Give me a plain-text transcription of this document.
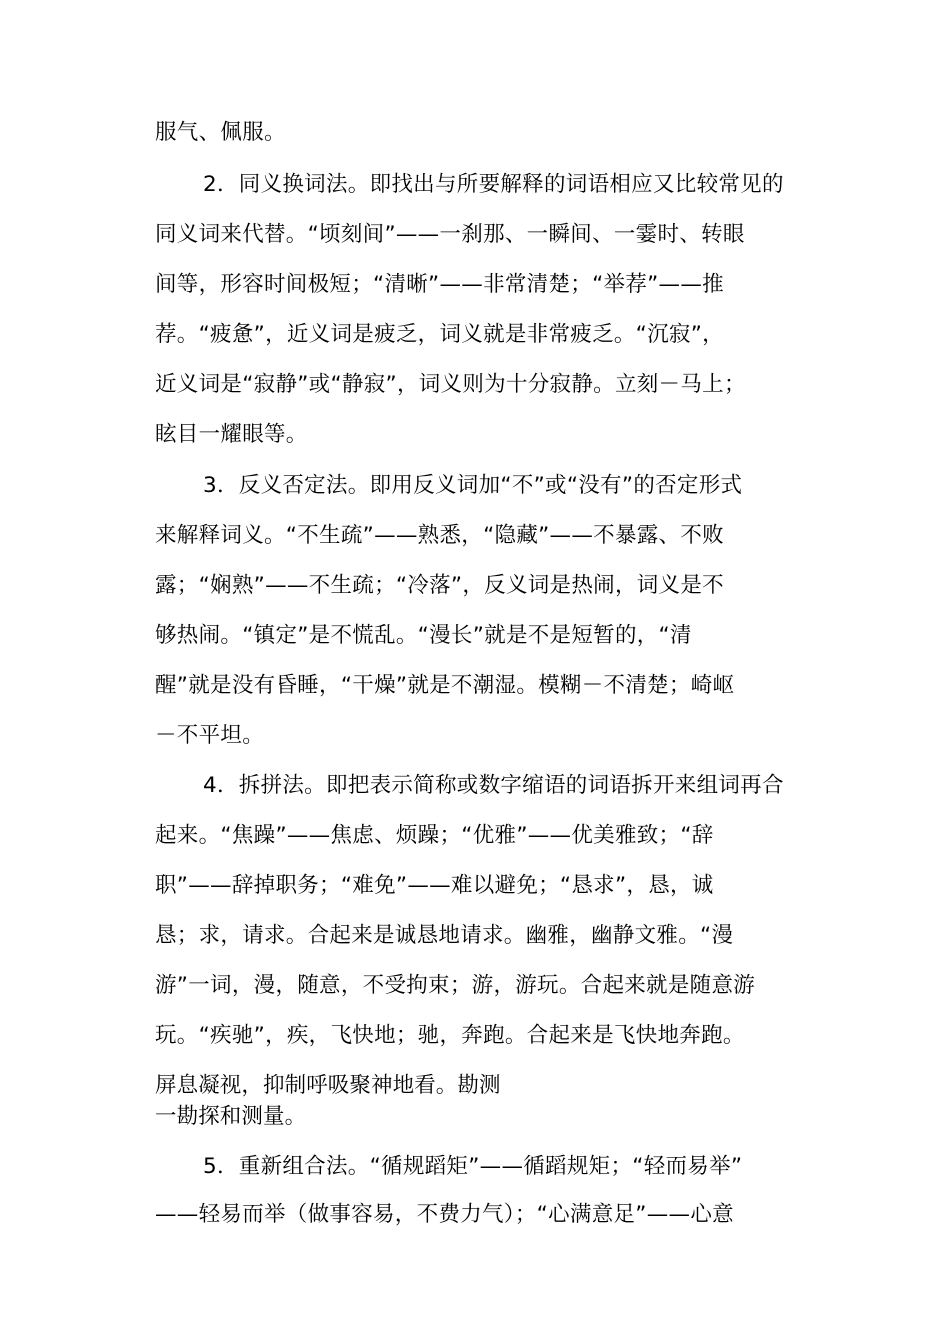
服气、佩服。
2．同义换词法。即找出与所要解释的词语相应又比较常见的
同义词来代替。“顷刻间”——一刹那、一瞬间、一霎时、转眼
间等，形容时间极短；“清晰”——非常清楚；“举荐”——推
荐。“疲惫”，近义词是疲乏，词义就是非常疲乏。“沉寂”，
近义词是“寂静”或“静寂”，词义则为十分寂静。立刻－马上；
眩目一耀眼等。
3．反义否定法。即用反义词加“不”或“没有”的否定形式
来解释词义。“不生疏”——熟悉，“隐藏”——不暴露、不败
露；“娴熟”——不生疏；“冷落”，反义词是热闹，词义是不
够热闹。“镇定”是不慌乱。“漫长”就是不是短暂的，“清
醒”就是没有昏睡，“干燥”就是不潮湿。模糊－不清楚；崎岖
－不平坦。
4．拆拼法。即把表示简称或数字缩语的词语拆开来组词再合
起来。“焦躁”——焦虑、烦躁；“优雅”——优美雅致；“辞
职”——辞掉职务；“难免”——难以避免；“恳求”，恳，诚
恳；求，请求。合起来是诚恳地请求。幽雅，幽静文雅。“漫
游”一词，漫，随意，不受拘束；游，游玩。合起来就是随意游
玩。“疾驰”，疾，飞快地；驰，奔跑。合起来是飞快地奔跑。
屏息凝视，抑制呼吸聚神地看。勘测
一勘探和测量。
5．重新组合法。“循规蹈矩”——循蹈规矩；“轻而易举”
——轻易而举（做事容易，不费力气）；“心满意足”——心意
